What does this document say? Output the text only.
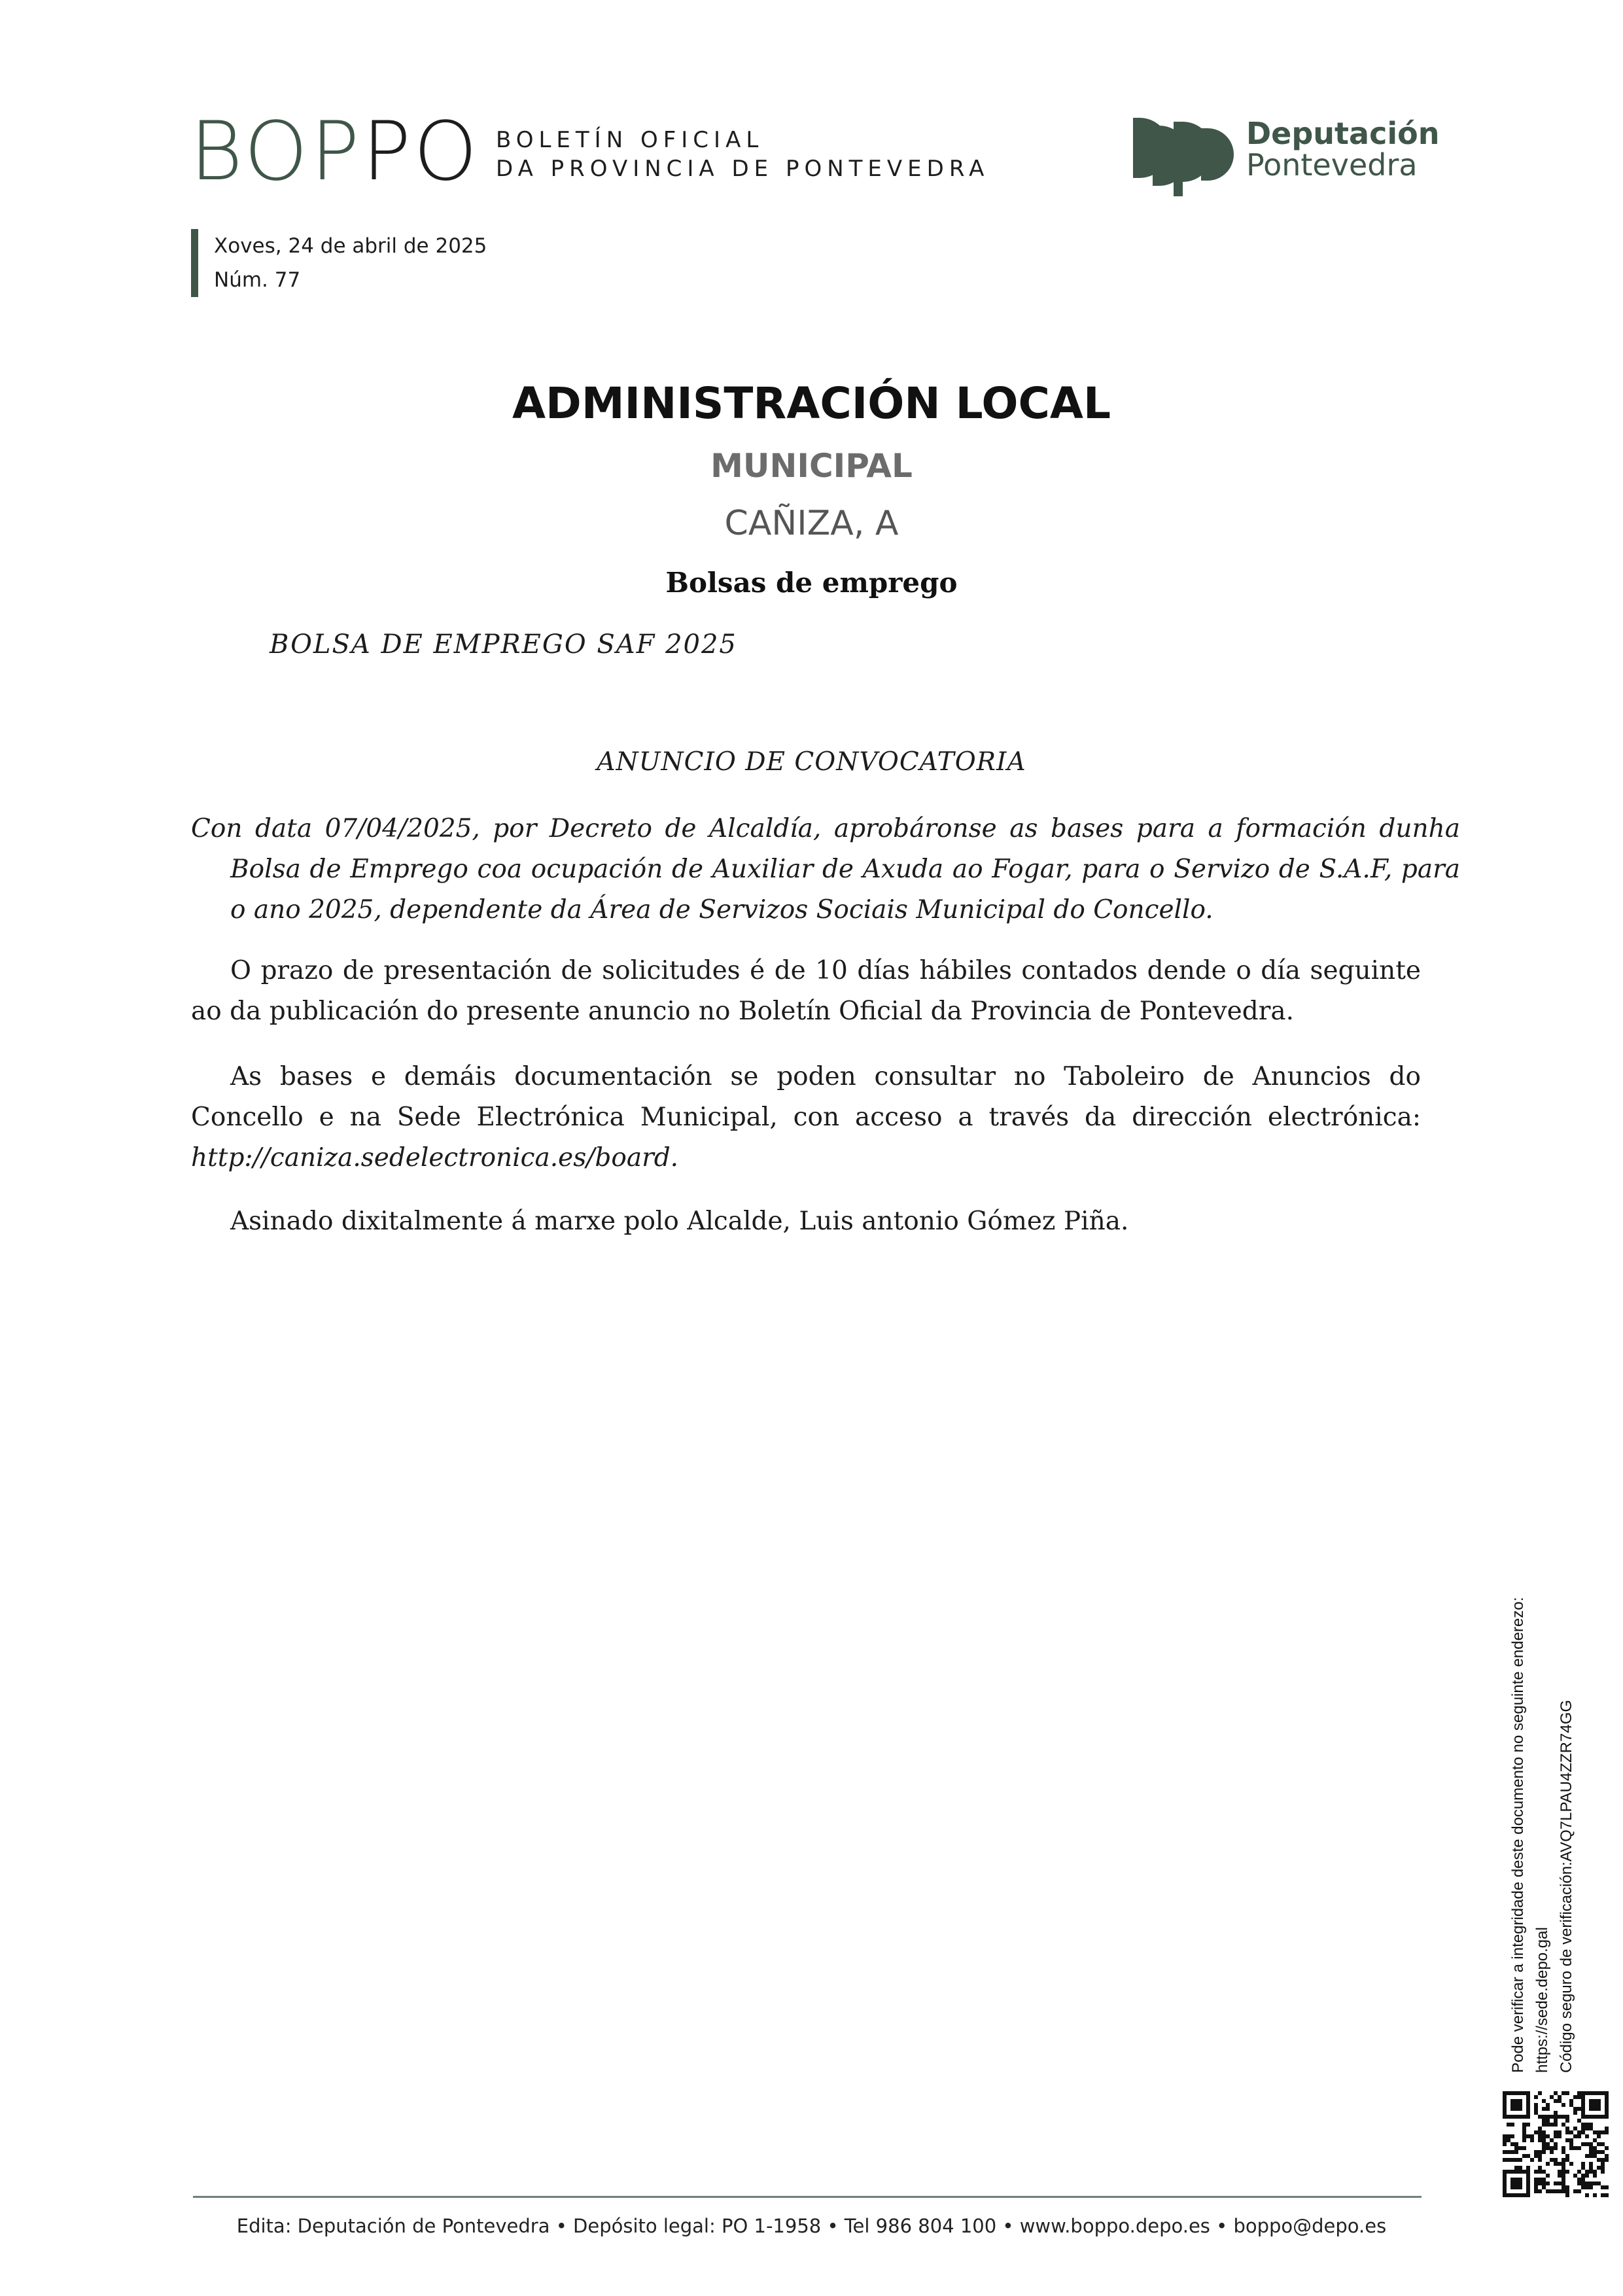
BOPPO BOLETÍN OFICIAL
DA PROVINCIA DE PONTEVEDRA
Deputación
Pontevedra
Xoves, 24 de abril de 2025
Núm. 77
ADMINISTRACIÓN LOCAL
MUNICIPAL
CAÑIZA, A
Bolsas de emprego
BOLSA DE EMPREGO SAF 2025
ANUNCIO DE CONVOCATORIA

Con data 07/04/2025, por Decreto de Alcaldía, aprobáronse as bases para a formación dunha Bolsa de Emprego coa ocupación de Auxiliar de Axuda ao Fogar, para o Servizo de S.A.F, para o ano 2025, dependente da Área de Servizos Sociais Municipal do Concello.

O prazo de presentación de solicitudes é de 10 días hábiles contados dende o día seguinte ao da publicación do presente anuncio no Boletín Oficial da Provincia de Pontevedra.

As bases e demáis documentación se poden consultar no Taboleiro de Anuncios do Concello e na Sede Electrónica Municipal, con acceso a través da dirección electrónica: http://caniza.sedelectronica.es/board.

Asinado dixitalmente á marxe polo Alcalde, Luis antonio Gómez Piña.

Pode verificar a integridade deste documento no seguinte enderezo: https://sede.depo.gal Código seguro de verificación:AVQ7LPAU4ZZR74GG
Edita: Deputación de Pontevedra • Depósito legal: PO 1-1958 • Tel 986 804 100 • www.boppo.depo.es • boppo@depo.es
